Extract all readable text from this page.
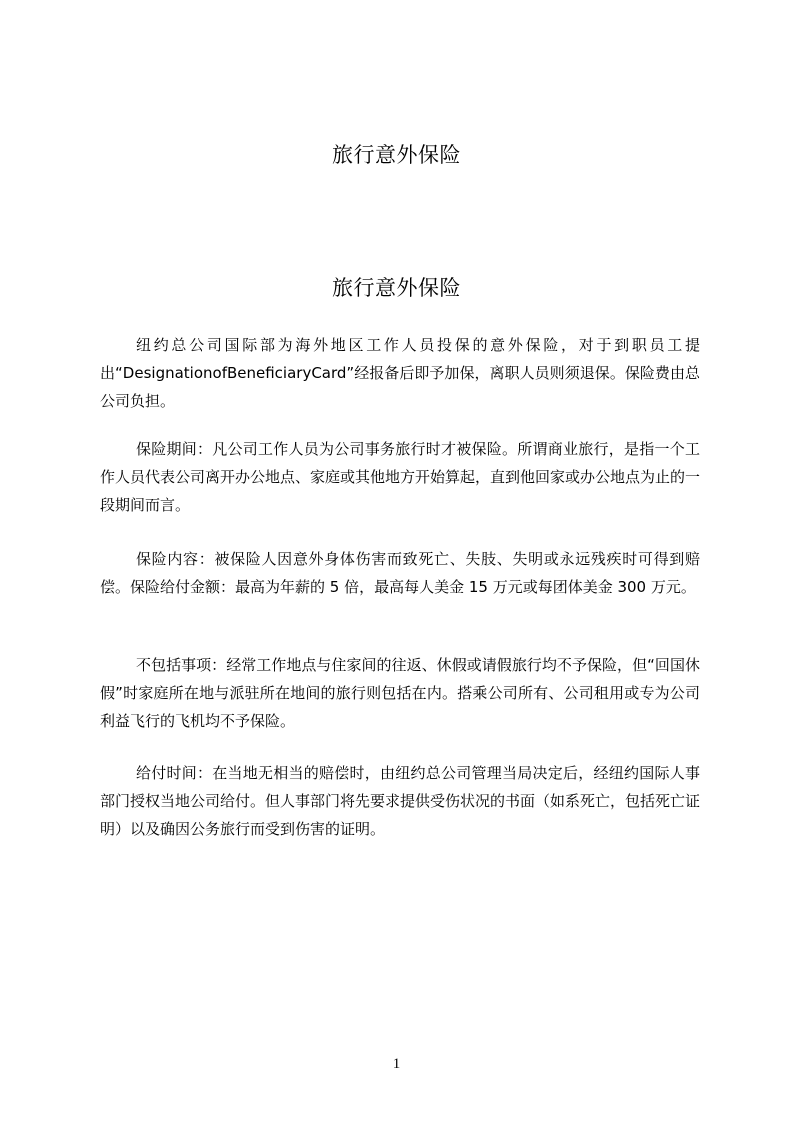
旅行意外保险
旅行意外保险

纽约总公司国际部为海外地区工作人员投保的意外保险，对于到职员工提出“DesignationofBeneficiaryCard”经报备后即予加保，离职人员则须退保。保险费由总公司负担。

保险期间：凡公司工作人员为公司事务旅行时才被保险。所谓商业旅行，是指一个工作人员代表公司离开办公地点、家庭或其他地方开始算起，直到他回家或办公地点为止的一段期间而言。

保险内容：被保险人因意外身体伤害而致死亡、失肢、失明或永远残疾时可得到赔偿。保险给付金额：最高为年薪的 5 倍，最高每人美金 15 万元或每团体美金 300 万元。

不包括事项：经常工作地点与住家间的往返、休假或请假旅行均不予保险，但“回国休假”时家庭所在地与派驻所在地间的旅行则包括在内。搭乘公司所有、公司租用或专为公司利益飞行的飞机均不予保险。

给付时间：在当地无相当的赔偿时，由纽约总公司管理当局决定后，经纽约国际人事部门授权当地公司给付。但人事部门将先要求提供受伤状况的书面（如系死亡，包括死亡证明）以及确因公务旅行而受到伤害的证明。

1
